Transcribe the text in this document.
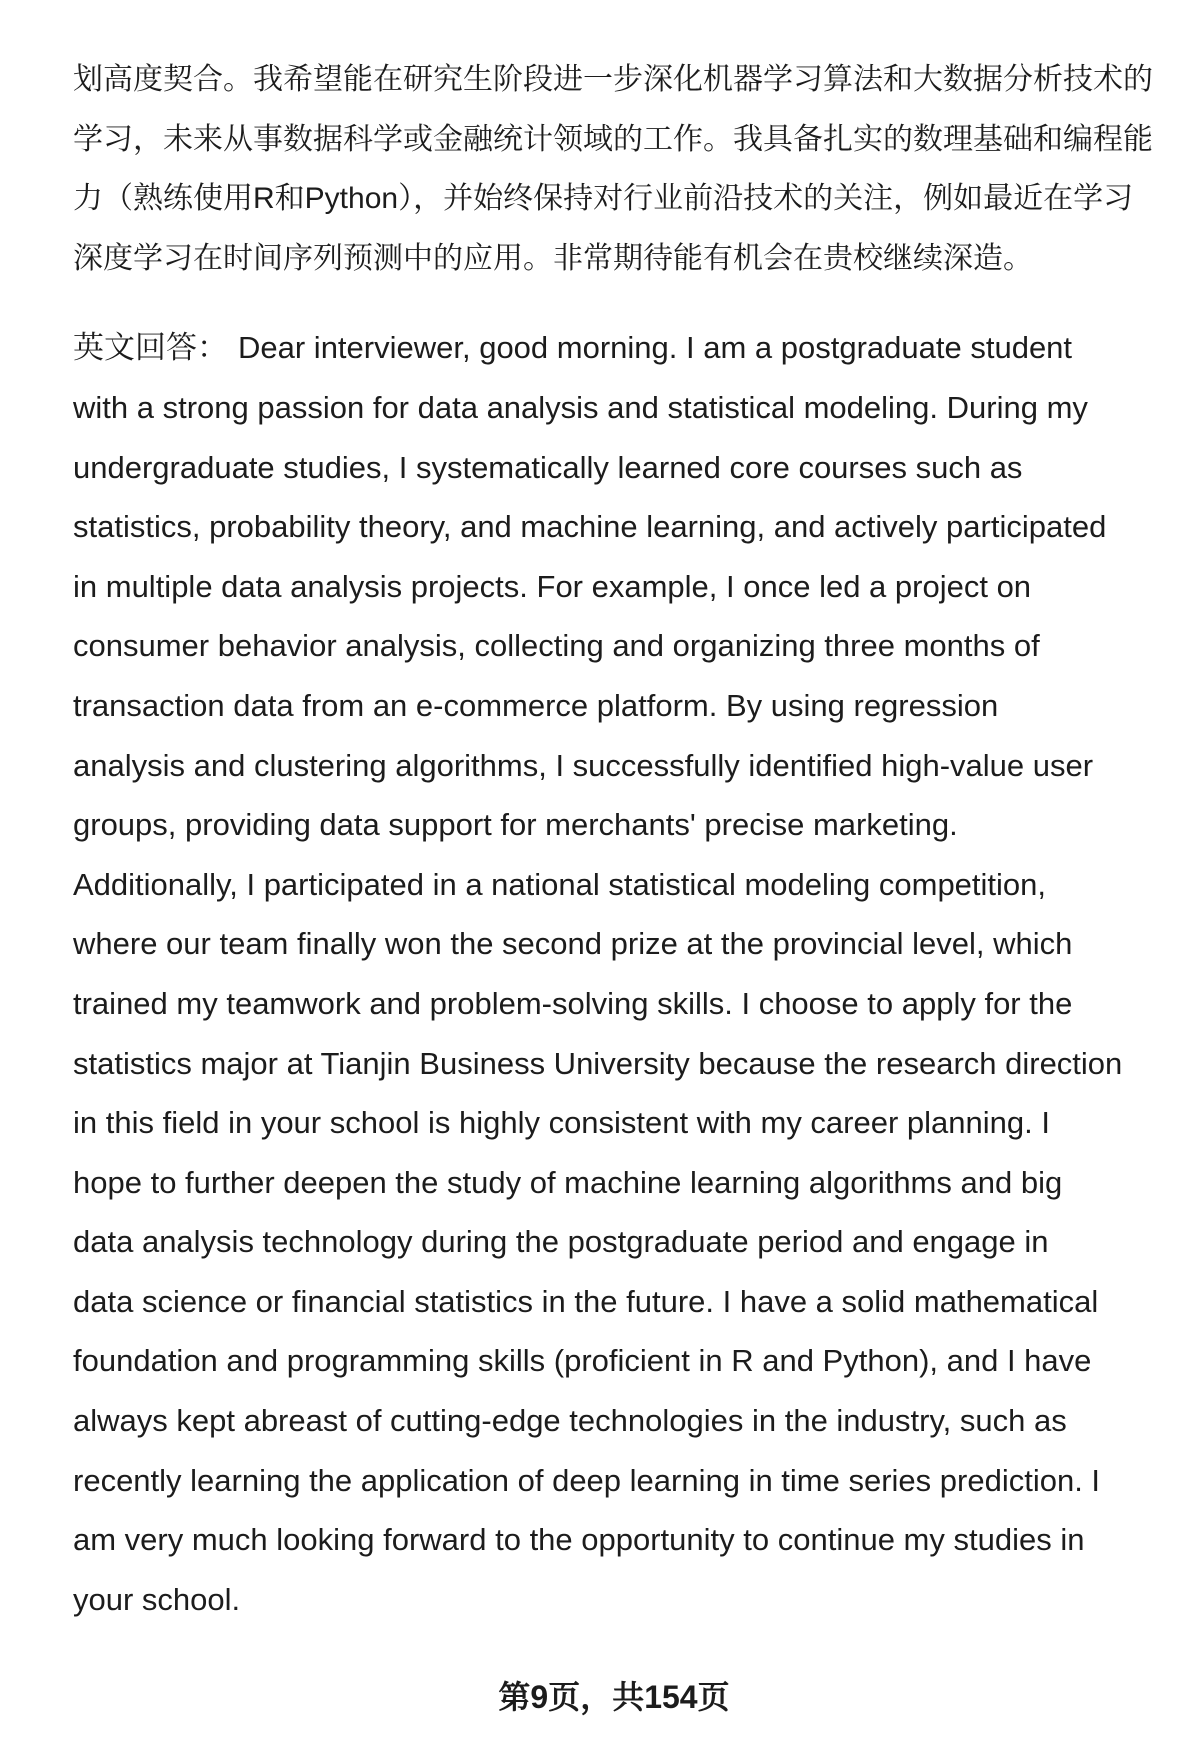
划高度契合。我希望能在研究生阶段进一步深化机器学习算法和大数据分析技术的
学习，未来从事数据科学或金融统计领域的工作。我具备扎实的数理基础和编程能
力（熟练使用R和Python），并始终保持对行业前沿技术的关注，例如最近在学习
深度学习在时间序列预测中的应用。非常期待能有机会在贵校继续深造。
英文回答： Dear interviewer, good morning. I am a postgraduate student
with a strong passion for data analysis and statistical modeling. During my
undergraduate studies, I systematically learned core courses such as
statistics, probability theory, and machine learning, and actively participated
in multiple data analysis projects. For example, I once led a project on
consumer behavior analysis, collecting and organizing three months of
transaction data from an e-commerce platform. By using regression
analysis and clustering algorithms, I successfully identified high-value user
groups, providing data support for merchants' precise marketing.
Additionally, I participated in a national statistical modeling competition,
where our team finally won the second prize at the provincial level, which
trained my teamwork and problem-solving skills. I choose to apply for the
statistics major at Tianjin Business University because the research direction
in this field in your school is highly consistent with my career planning. I
hope to further deepen the study of machine learning algorithms and big
data analysis technology during the postgraduate period and engage in
data science or financial statistics in the future. I have a solid mathematical
foundation and programming skills (proficient in R and Python), and I have
always kept abreast of cutting-edge technologies in the industry, such as
recently learning the application of deep learning in time series prediction. I
am very much looking forward to the opportunity to continue my studies in
your school.
第9页，共154页
